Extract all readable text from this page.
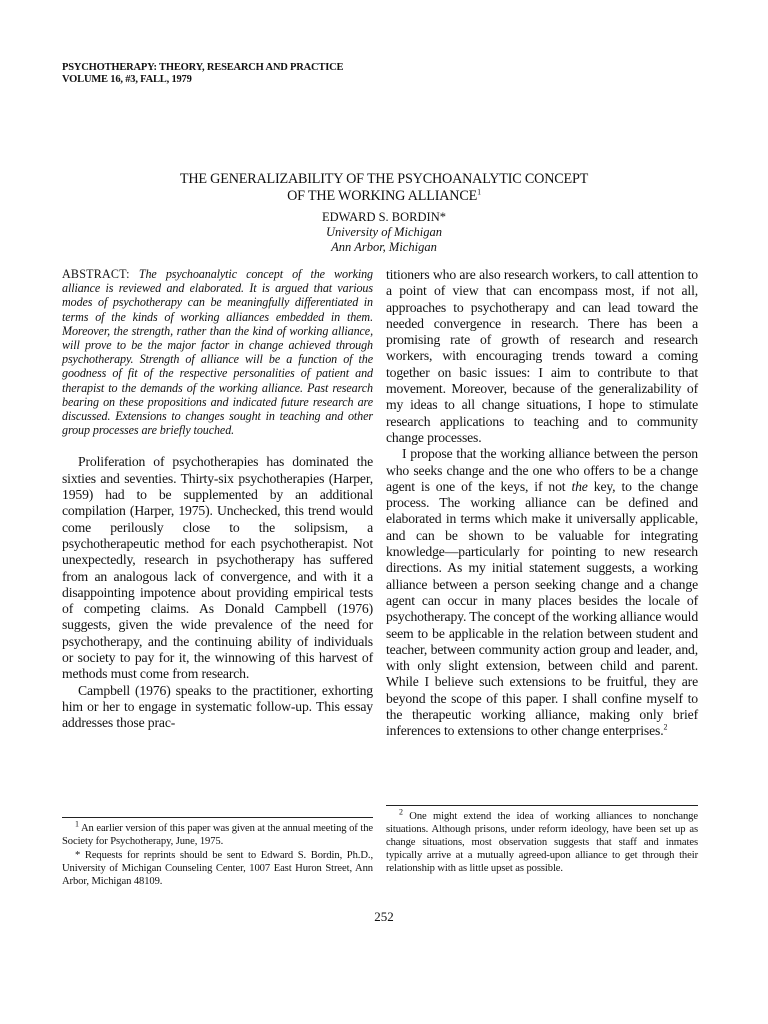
PSYCHOTHERAPY: THEORY, RESEARCH AND PRACTICE
VOLUME 16, #3, FALL, 1979
THE GENERALIZABILITY OF THE PSYCHOANALYTIC CONCEPT
OF THE WORKING ALLIANCE$^1$
EDWARD S. BORDIN*
University of Michigan
Ann Arbor, Michigan

ABSTRACT: The psychoanalytic concept of the working alliance is reviewed and elaborated. It is argued that various modes of psychotherapy can be meaningfully differentiated in terms of the kinds of working alliances embedded in them. Moreover, the strength, rather than the kind of working alliance, will prove to be the major factor in change achieved through psychotherapy. Strength of alliance will be a function of the goodness of fit of the respective personalities of patient and therapist to the demands of the working alliance. Past research bearing on these propositions and indicated future research are discussed. Extensions to changes sought in teaching and other group processes are briefly touched.

Proliferation of psychotherapies has dominated the sixties and seventies. Thirty-six psychotherapies (Harper, 1959) had to be supplemented by an additional compilation (Harper, 1975). Unchecked, this trend would come perilously close to the solipsism, a psychotherapeutic method for each psychotherapist. Not unexpectedly, research in psychotherapy has suffered from an analogous lack of convergence, and with it a disappointing impotence about providing empirical tests of competing claims. As Donald Campbell (1976) suggests, given the wide prevalence of the need for psychotherapy, and the continuing ability of individuals or society to pay for it, the winnowing of this harvest of methods must come from research.

Campbell (1976) speaks to the practitioner, exhorting him or her to engage in systematic follow-up. This essay addresses those prac-

titioners who are also research workers, to call attention to a point of view that can encompass most, if not all, approaches to psychotherapy and can lead toward the needed convergence in research. There has been a promising rate of growth of research and research workers, with encouraging trends toward a coming together on basic issues: I aim to contribute to that movement. Moreover, because of the generalizability of my ideas to all change situations, I hope to stimulate research applications to teaching and to community change processes.

I propose that the working alliance between the person who seeks change and the one who offers to be a change agent is one of the keys, if not the key, to the change process. The working alliance can be defined and elaborated in terms which make it universally applicable, and can be shown to be valuable for integrating knowledge—particularly for pointing to new research directions. As my initial statement suggests, a working alliance between a person seeking change and a change agent can occur in many places besides the locale of psychotherapy. The concept of the working alliance would seem to be applicable in the relation between student and teacher, between community action group and leader, and, with only slight extension, between child and parent. While I believe such extensions to be fruitful, they are beyond the scope of this paper. I shall confine myself to the therapeutic working alliance, making only brief inferences to extensions to other change enterprises.$^2$

$^1$ An earlier version of this paper was given at the annual meeting of the Society for Psychotherapy, June, 1975.

* Requests for reprints should be sent to Edward S. Bordin, Ph.D., University of Michigan Counseling Center, 1007 East Huron Street, Ann Arbor, Michigan 48109.

$^2$ One might extend the idea of working alliances to nonchange situations. Although prisons, under reform ideology, have been set up as change situations, most observation suggests that staff and inmates typically arrive at a mutually agreed-upon alliance to get through their relationship with as little upset as possible.

252
